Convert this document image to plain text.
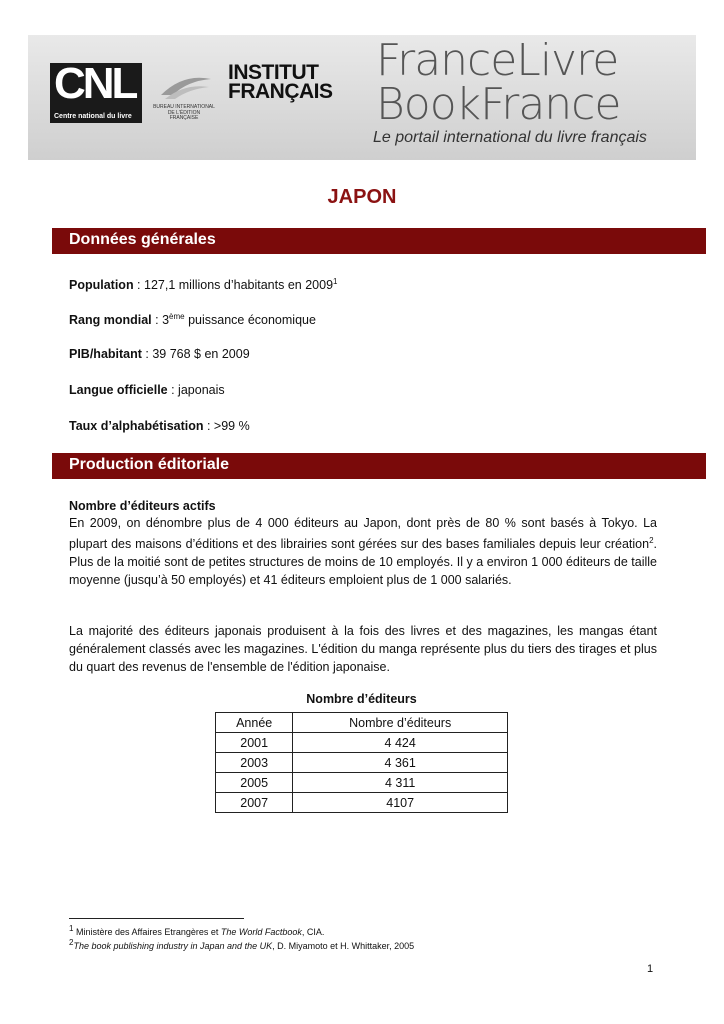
CNL
Centre national du livre
BUREAU INTERNATIONAL DE L'ÉDITION FRANÇAISE
INSTITUT
FRANÇAIS
FranceLivre
BookFrance
Le portail international du livre français
JAPON
Données générales
Population : 127,1 millions d’habitants en 2009$^1$
Rang mondial : 3ème puissance économique
PIB/habitant : 39 768 $ en 2009
Langue officielle : japonais
Taux d’alphabétisation : >99 %
Production éditoriale
Nombre d’éditeurs actifs
En 2009, on dénombre plus de 4 000 éditeurs au Japon, dont près de 80 % sont basés à Tokyo. La plupart des maisons d’éditions et des librairies sont gérées sur des bases familiales depuis leur création$^2$. Plus de la moitié sont de petites structures de moins de 10 employés. Il y a environ 1 000 éditeurs de taille moyenne (jusqu’à 50 employés) et 41 éditeurs emploient plus de 1 000 salariés.
La majorité des éditeurs japonais produisent à la fois des livres et des magazines, les mangas étant généralement classés avec les magazines. L'édition du manga représente plus du tiers des tirages et plus du quart des revenus de l'ensemble de l'édition japonaise.
Nombre d’éditeurs
Année	Nombre d’éditeurs
2001	4 424
2003	4 361
2005	4 311
2007	4107
$^1$ Ministère des Affaires Etrangères et The World Factbook, CIA.
$^2$The book publishing industry in Japan and the UK, D. Miyamoto et H. Whittaker, 2005
1
